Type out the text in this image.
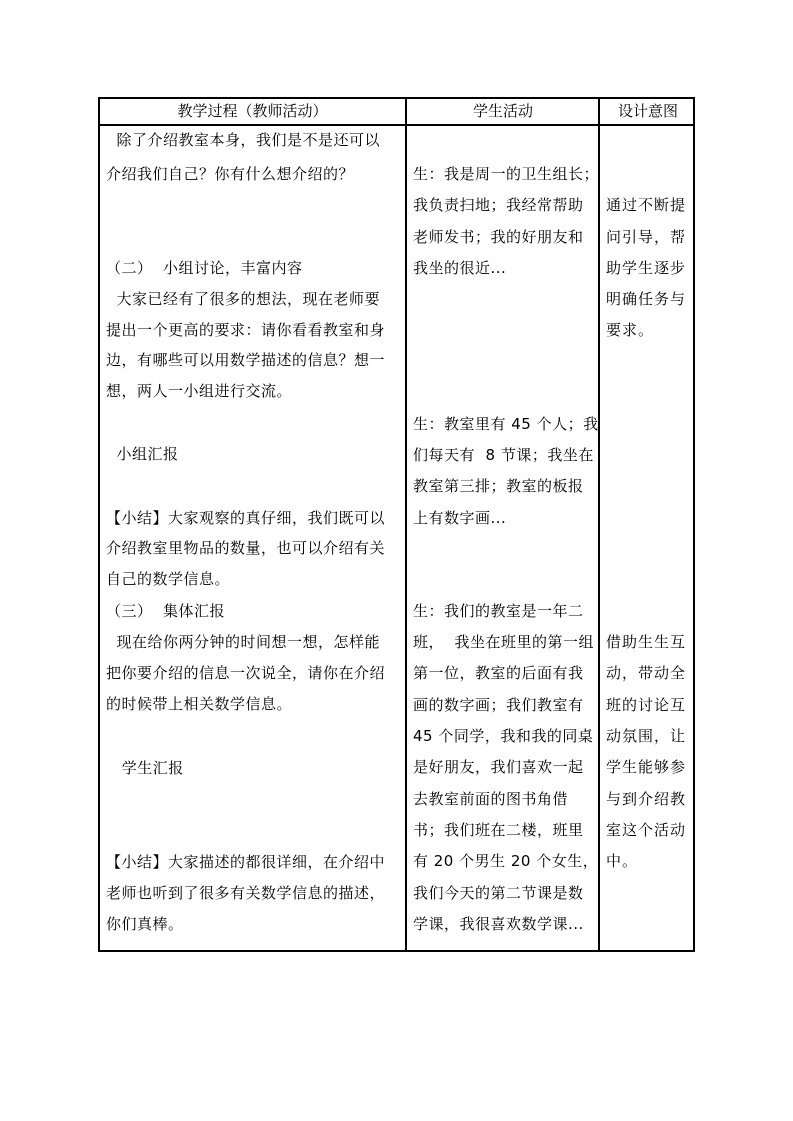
教学过程（教师活动）	学生活动	设计意图
除了介绍教室本身，我们是不是还可以
介绍我们自己？你有什么想介绍的？
（二）  小组讨论，丰富内容
大家已经有了很多的想法，现在老师要
提出一个更高的要求：请你看看教室和身
边，有哪些可以用数学描述的信息？想一
想，两人一小组进行交流。
小组汇报
【小结】大家观察的真仔细，我们既可以
介绍教室里物品的数量，也可以介绍有关
自己的数学信息。
（三）  集体汇报
现在给你两分钟的时间想一想，怎样能
把你要介绍的信息一次说全，请你在介绍
的时候带上相关数学信息。
学生汇报
【小结】大家描述的都很详细，在介绍中
老师也听到了很多有关数学信息的描述，
你们真棒。
生：我是周一的卫生组长；
我负责扫地；我经常帮助
老师发书；我的好朋友和
我坐的很近...
生：教室里有 45 个人；我
们每天有  8 节课；我坐在
教室第三排；教室的板报
上有数字画...
生：我们的教室是一年二
班，  我坐在班里的第一组
第一位，教室的后面有我
画的数字画；我们教室有
45 个同学，我和我的同桌
是好朋友，我们喜欢一起
去教室前面的图书角借
书；我们班在二楼，班里
有 20 个男生 20 个女生，
我们今天的第二节课是数
学课，我很喜欢数学课...
通过不断提
问引导，帮
助学生逐步
明确任务与
要求。
借助生生互
动，带动全
班的讨论互
动氛围，让
学生能够参
与到介绍教
室这个活动
中。
